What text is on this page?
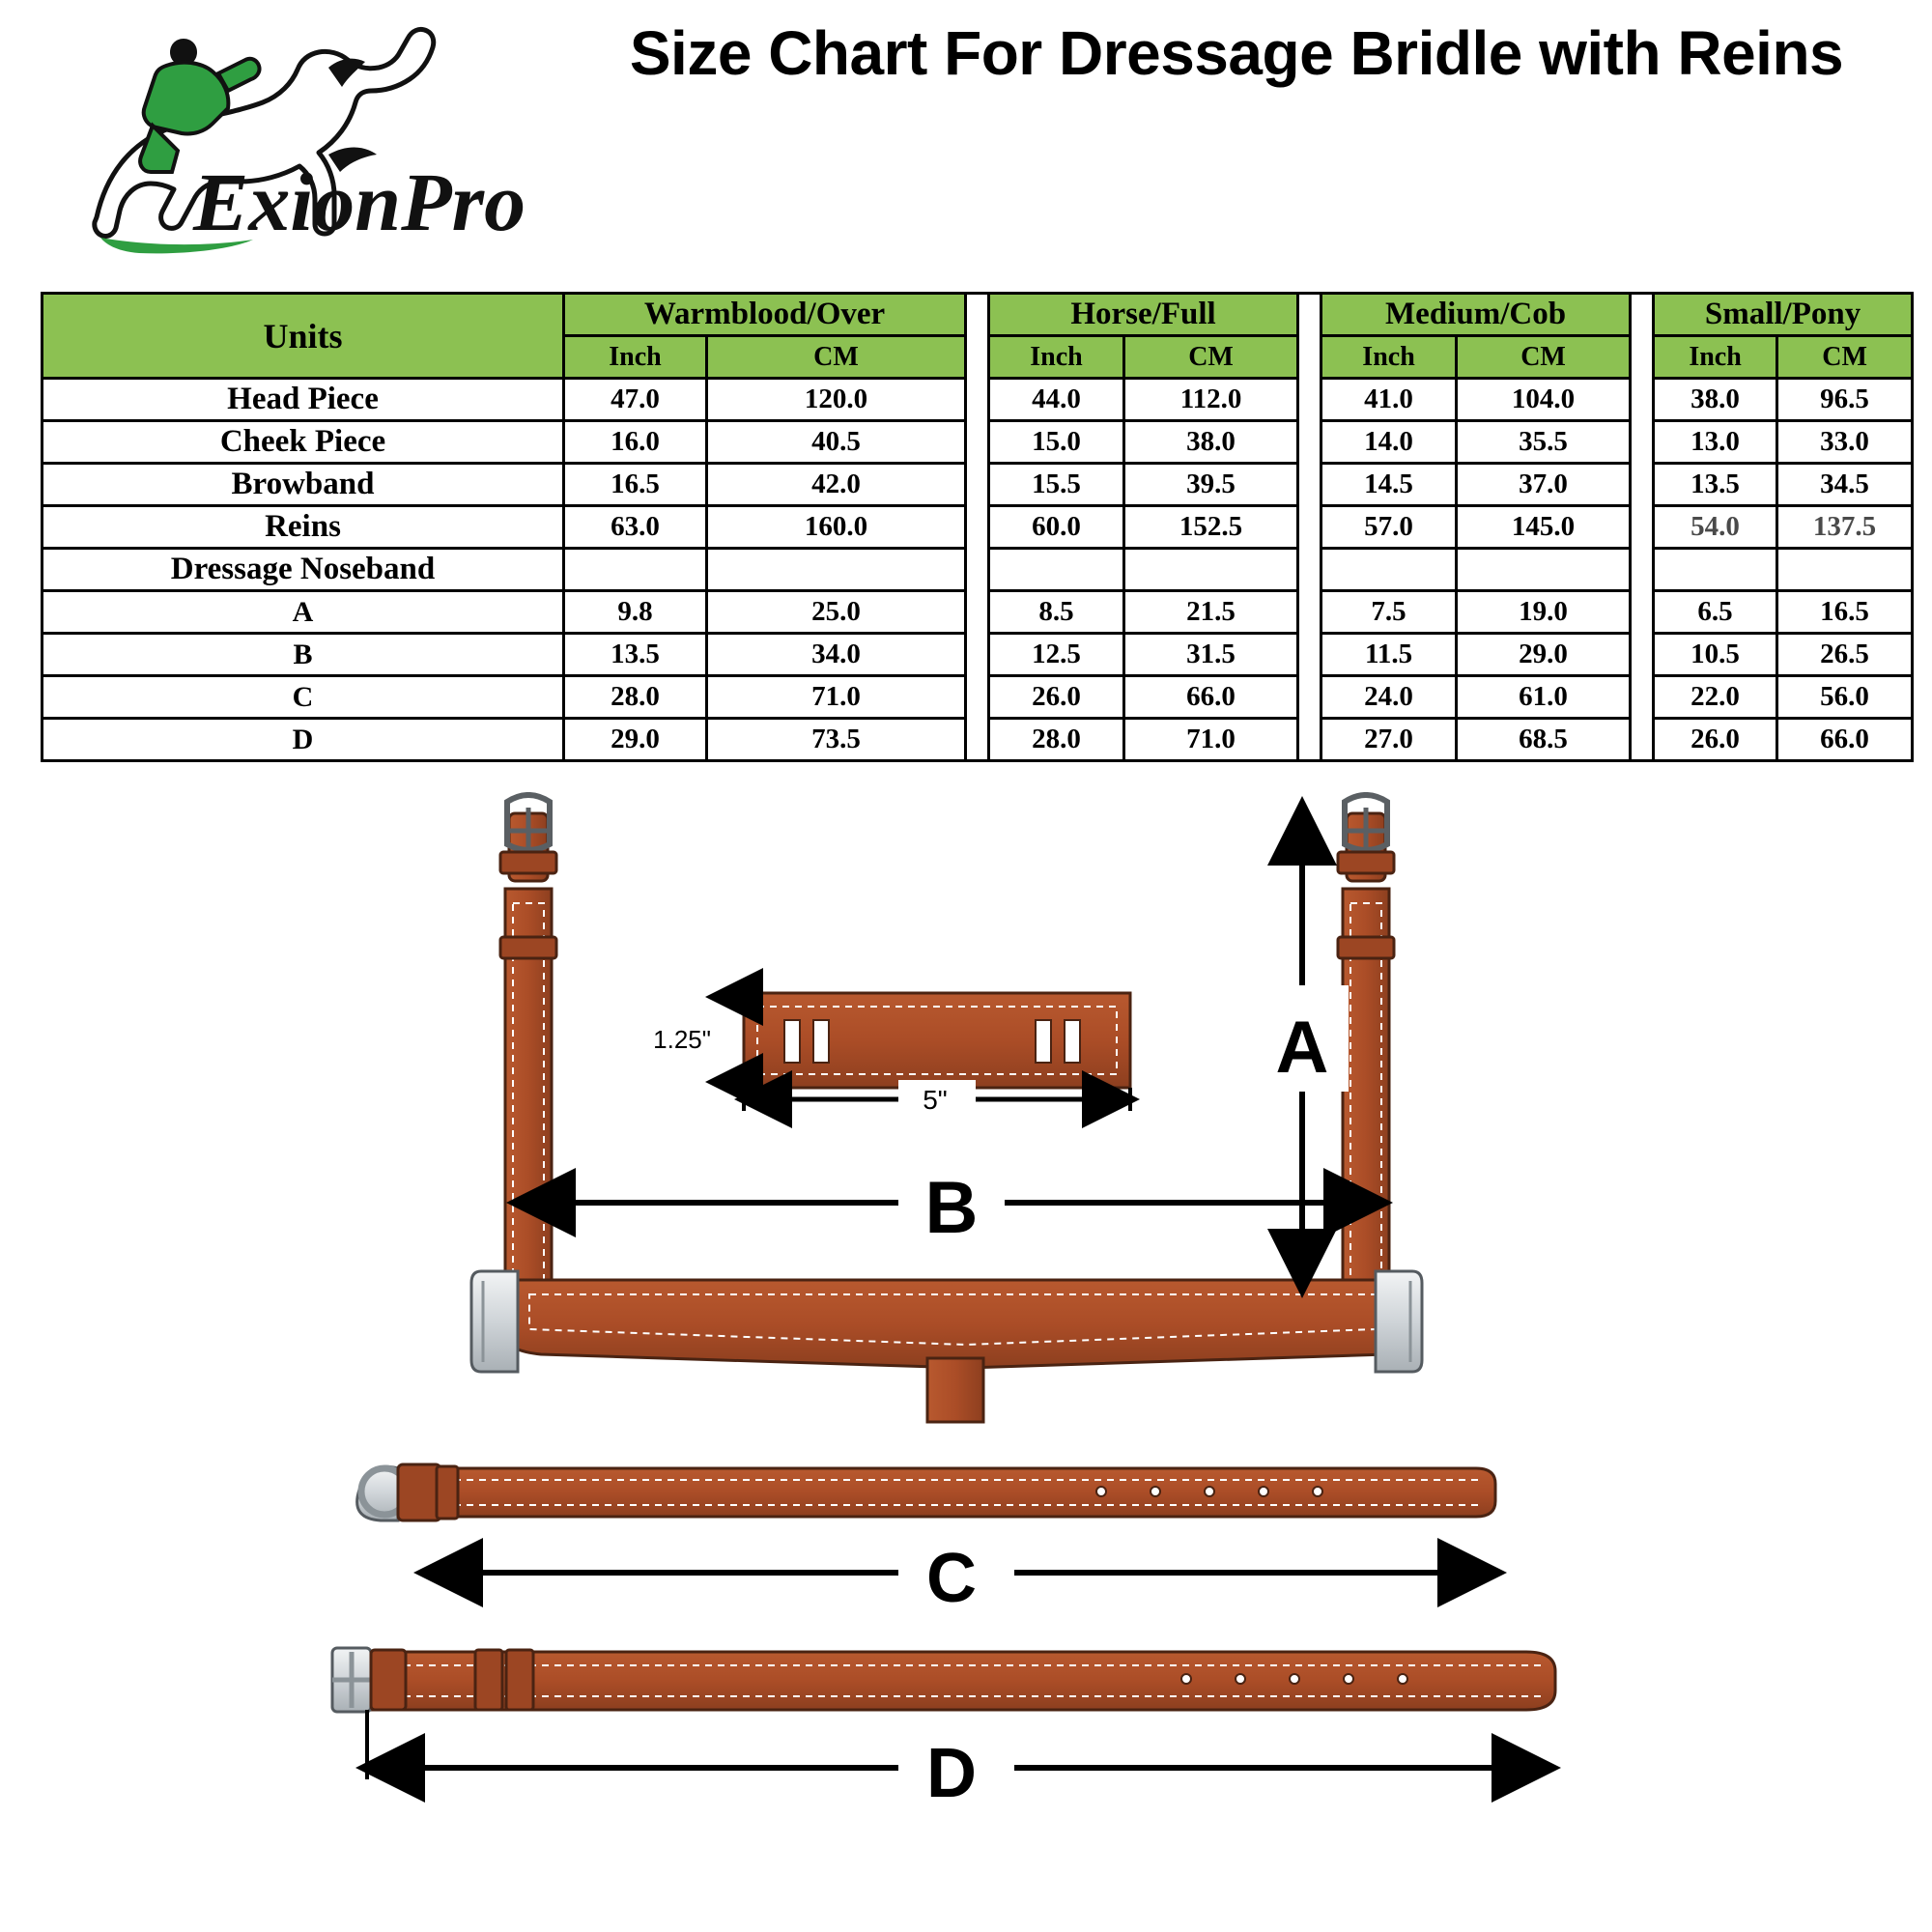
ExionPro
Size Chart For Dressage Bridle with Reins
Units	Warmblood/Over			Horse/Full			Medium/Cob			Small/Pony	
	Inch	CM		Inch	CM		Inch	CM		Inch	CM
Head Piece	47.0	120.0		44.0	112.0		41.0	104.0		38.0	96.5
Cheek Piece	16.0	40.5		15.0	38.0		14.0	35.5		13.0	33.0
Browband	16.5	42.0		15.5	39.5		14.5	37.0		13.5	34.5
Reins	63.0	160.0		60.0	152.5		57.0	145.0		54.0	137.5
Dressage Noseband											
A	9.8	25.0		8.5	21.5		7.5	19.0		6.5	16.5
B	13.5	34.0		12.5	31.5		11.5	29.0		10.5	26.5
C	28.0	71.0		26.0	66.0		24.0	61.0		22.0	56.0
D	29.0	73.5		28.0	71.0		27.0	68.5		26.0	66.0
A
B
1.25"
5"
C
D
